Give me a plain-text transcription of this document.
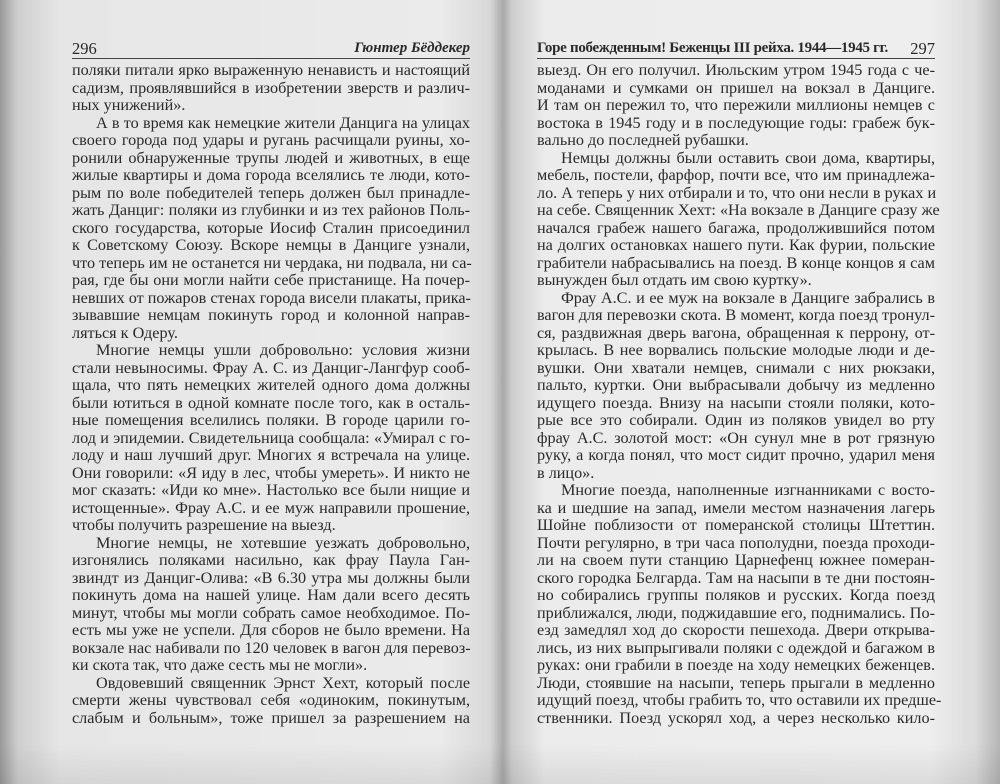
296	Гюнтер Бёддекер
поляки питали ярко выраженную ненависть и настоящий
садизм, проявлявшийся в изобретении зверств и различ-
ных унижений».
А в то время как немецкие жители Данцига на улицах
своего города под удары и ругань расчищали руины, хо-
ронили обнаруженные трупы людей и животных, в еще
жилые квартиры и дома города вселялись те люди, кото-
рым по воле победителей теперь должен был принадле-
жать Данциг: поляки из глубинки и из тех районов Поль-
ского государства, которые Иосиф Сталин присоединил
к Советскому Союзу. Вскоре немцы в Данциге узнали,
что теперь им не останется ни чердака, ни подвала, ни са-
рая, где бы они могли найти себе пристанище. На почер-
невших от пожаров стенах города висели плакаты, прика-
зывавшие немцам покинуть город и колонной направ-
ляться к Одеру.
Многие немцы ушли добровольно: условия жизни
стали невыносимы. Фрау А. С. из Данциг-Лангфур сооб-
щала, что пять немецких жителей одного дома должны
были ютиться в одной комнате после того, как в осталь-
ные помещения вселились поляки. В городе царили го-
лод и эпидемии. Свидетельница сообщала: «Умирал с го-
лоду и наш лучший друг. Многих я встречала на улице.
Они говорили: «Я иду в лес, чтобы умереть». И никто не
мог сказать: «Иди ко мне». Настолько все были нищие и
истощенные». Фрау А.С. и ее муж направили прошение,
чтобы получить разрешение на выезд.
Многие немцы, не хотевшие уезжать добровольно,
изгонялись поляками насильно, как фрау Паула Ган-
звиндт из Данциг-Олива: «В 6.30 утра мы должны были
покинуть дома на нашей улице. Нам дали всего десять
минут, чтобы мы могли собрать самое необходимое. По-
есть мы уже не успели. Для сборов не было времени. На
вокзале нас набивали по 120 человек в вагон для перевоз-
ки скота так, что даже сесть мы не могли».
Овдовевший священник Эрнст Хехт, который после
смерти жены чувствовал себя «одиноким, покинутым,
слабым и больным», тоже пришел за разрешением на
Горе побежденным! Беженцы III рейха. 1944—1945 гг. 297
выезд. Он его получил. Июльским утром 1945 года с че-
моданами и сумками он пришел на вокзал в Данциге.
И там он пережил то, что пережили миллионы немцев с
востока в 1945 году и в последующие годы: грабеж бук-
вально до последней рубашки.
Немцы должны были оставить свои дома, квартиры,
мебель, постели, фарфор, почти все, что им принадлежа-
ло. А теперь у них отбирали и то, что они несли в руках и
на себе. Священник Хехт: «На вокзале в Данциге сразу же
начался грабеж нашего багажа, продолжившийся потом
на долгих остановках нашего пути. Как фурии, польские
грабители набрасывались на поезд. В конце концов я сам
вынужден был отдать им свою куртку».
Фрау А.С. и ее муж на вокзале в Данциге забрались в
вагон для перевозки скота. В момент, когда поезд тронул-
ся, раздвижная дверь вагона, обращенная к перрону, от-
крылась. В нее ворвались польские молодые люди и де-
вушки. Они хватали немцев, снимали с них рюкзаки,
пальто, куртки. Они выбрасывали добычу из медленно
идущего поезда. Внизу на насыпи стояли поляки, кото-
рые все это собирали. Один из поляков увидел во рту
фрау А.С. золотой мост: «Он сунул мне в рот грязную
руку, а когда понял, что мост сидит прочно, ударил меня
в лицо».
Многие поезда, наполненные изгнанниками с восто-
ка и шедшие на запад, имели местом назначения лагерь
Шойне поблизости от померанской столицы Штеттин.
Почти регулярно, в три часа пополудни, поезда проходи-
ли на своем пути станцию Царнефенц южнее померан-
ского городка Белгарда. Там на насыпи в те дни постоян-
но собирались группы поляков и русских. Когда поезд
приближался, люди, поджидавшие его, поднимались. По-
езд замедлял ход до скорости пешехода. Двери открыва-
лись, из них выпрыгивали поляки с одеждой и багажом в
руках: они грабили в поезде на ходу немецких беженцев.
Люди, стоявшие на насыпи, теперь прыгали в медленно
идущий поезд, чтобы грабить то, что оставили их предше-
ственники. Поезд ускорял ход, а через несколько кило-
